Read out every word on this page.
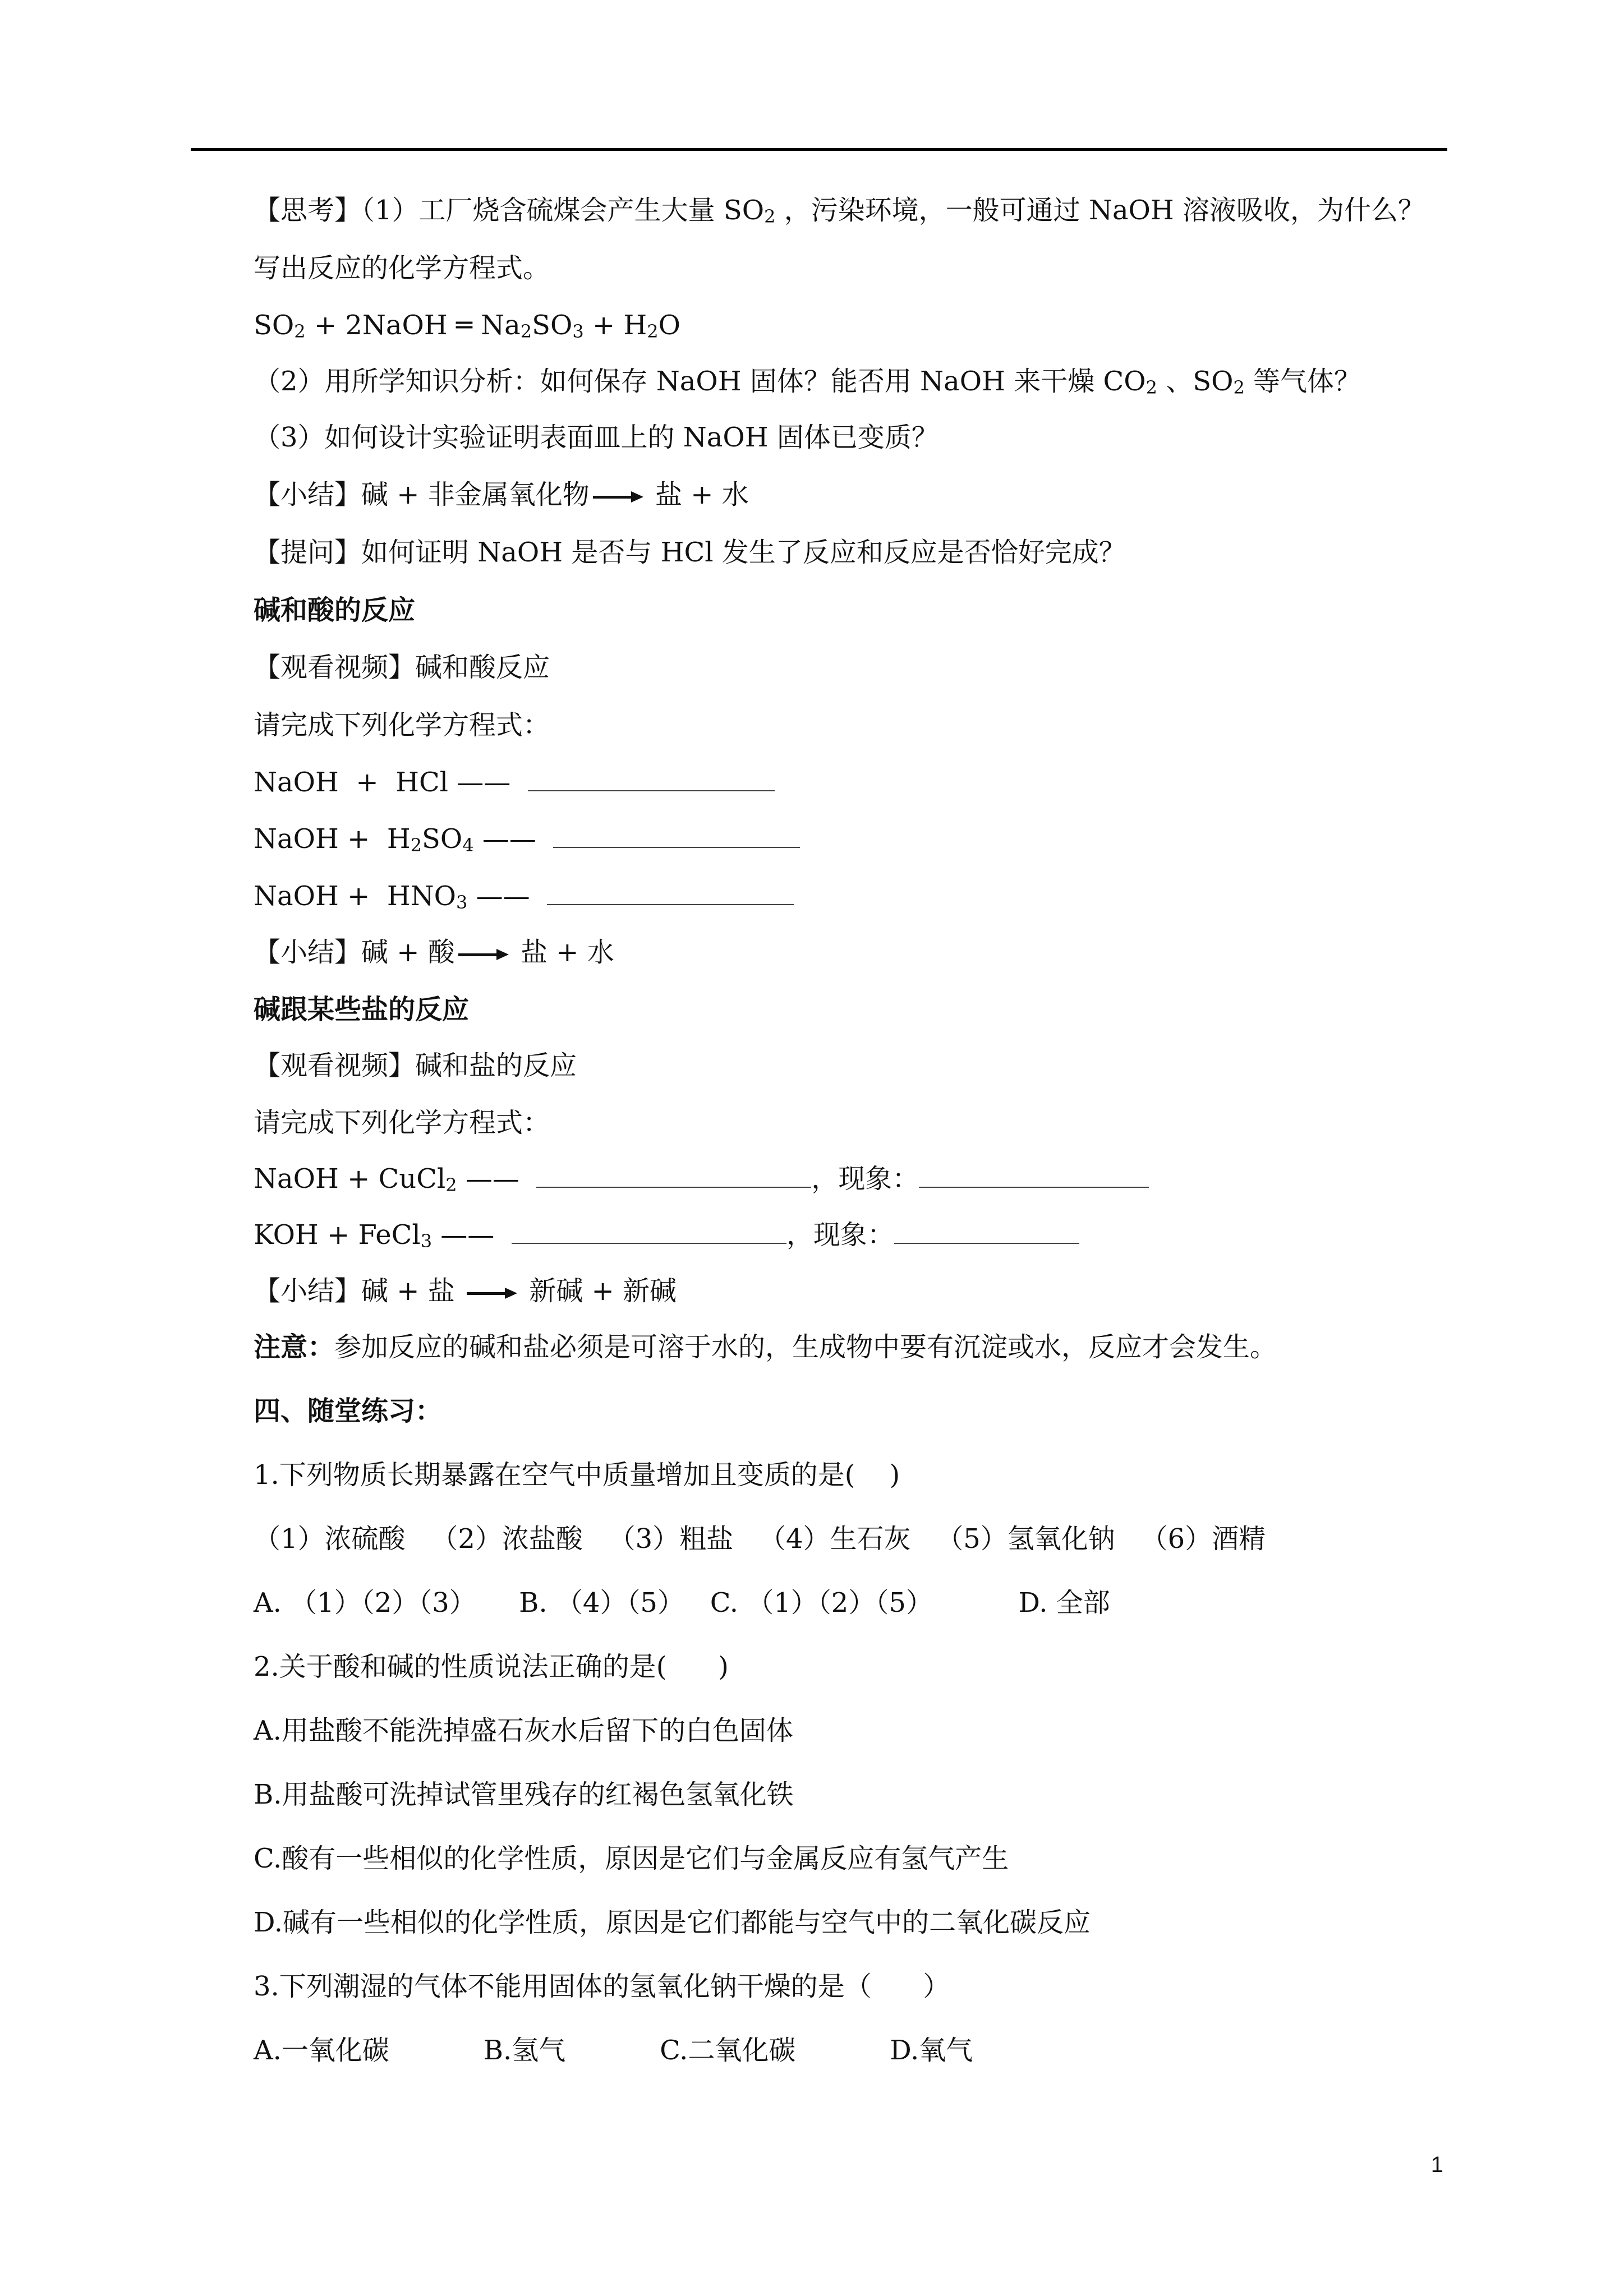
【思考】（1）工厂烧含硫煤会产生大量 $SO_2$ ，污染环境，一般可通过 NaOH 溶液吸收，为什么？
写出反应的化学方程式。
$SO_2$ + 2NaOH ═ $Na_2SO_3 + H_2O$
（2）用所学知识分析：如何保存 NaOH 固体？能否用 NaOH 来干燥 $CO_2$ 、$SO_2$ 等气体？
（3）如何设计实验证明表面皿上的 NaOH 固体已变质？
【小结】碱 + 非金属氧化物 盐 + 水
【提问】如何证明 NaOH 是否与 HCl 发生了反应和反应是否恰好完成？
碱和酸的反应
【观看视频】碱和酸反应
请完成下列化学方程式：
NaOH  +  HCl ——
NaOH +  $H_2SO_4$ ——
NaOH +  $HNO_3$ ——
【小结】碱 + 酸 盐 + 水
碱跟某些盐的反应
【观看视频】碱和盐的反应
请完成下列化学方程式：
NaOH + CuCl$_2$ ——	，现象：
KOH + FeCl$_3$ ——	，现象：
【小结】碱 + 盐  新碱 + 新碱
注意：参加反应的碱和盐必须是可溶于水的，生成物中要有沉淀或水，反应才会发生。
四、随堂练习：
1.下列物质长期暴露在空气中质量增加且变质的是(    )
（1）浓硫酸   （2）浓盐酸   （3）粗盐   （4）生石灰   （5）氢氧化钠   （6）酒精
A. （1）（2）（3）     B. （4）（5）   C. （1）（2）（5）          D. 全部
2.关于酸和碱的性质说法正确的是(      )
A.用盐酸不能洗掉盛石灰水后留下的白色固体
B.用盐酸可洗掉试管里残存的红褐色氢氧化铁
C.酸有一些相似的化学性质，原因是它们与金属反应有氢气产生
D.碱有一些相似的化学性质，原因是它们都能与空气中的二氧化碳反应
3.下列潮湿的气体不能用固体的氢氧化钠干燥的是（      ）
A.一氧化碳           B.氢气           C.二氧化碳           D.氧气
1
